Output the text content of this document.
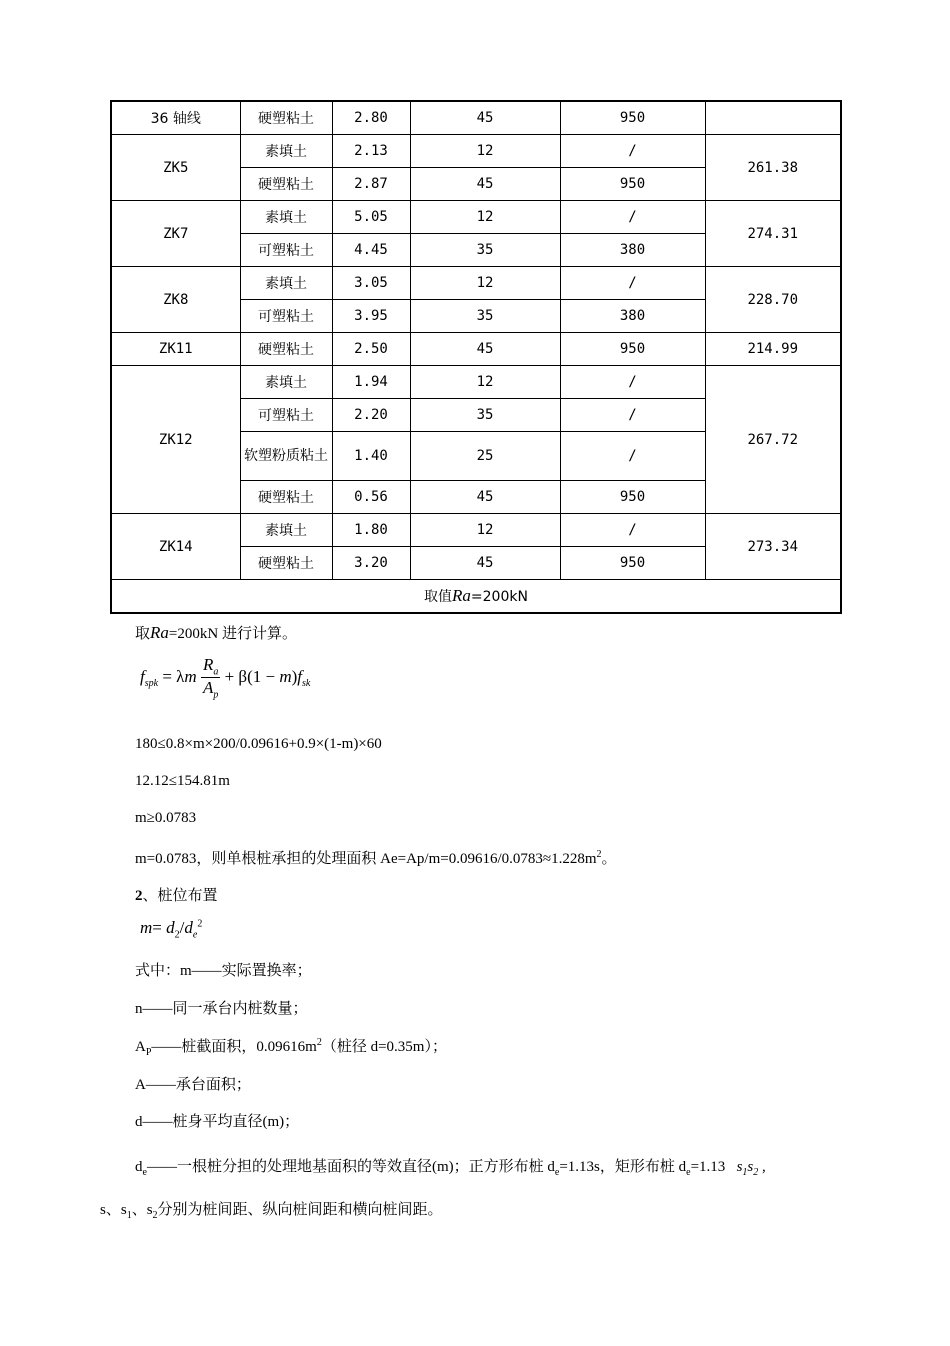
36 轴线	硬塑粘土	2.80	45	950	
ZK5	素填土	2.13	12	/	261.38
	硬塑粘土	2.87	45	950	
ZK7	素填土	5.05	12	/	274.31
	可塑粘土	4.45	35	380	
ZK8	素填土	3.05	12	/	228.70
	可塑粘土	3.95	35	380	
ZK11	硬塑粘土	2.50	45	950	214.99
ZK12	素填土	1.94	12	/	267.72
	可塑粘土	2.20	35	/	
	软塑粉质粘土	1.40	25	/	
	硬塑粘土	0.56	45	950	
ZK14	素填土	1.80	12	/	273.34
	硬塑粘土	3.20	45	950	
取值Ra=200kN					
取Ra=200kN 进行计算。
$f_{spk} = \lambda m \frac{R_a}{A_p} + \beta(1 - m)f_{sk}$
180≤0.8×m×200/0.09616+0.9×(1-m)×60
12.12≤154.81m
m≥0.0783
m=0.0783，则单根桩承担的处理面积 $Ae=Ap/m=0.09616/0.0783\approx 1.228m^2$。
2、桩位布置
$m= d_2/d_e^2$
式中：m——实际置换率；
n——同一承台内桩数量；
$A_P——$桩截面积，$0.09616m^2$（桩径 d=0.35m）；
A——承台面积；
d——桩身平均直径(m)；
$d_e——$一根桩分担的处理地基面积的等效直径(m)；正方形布桩 $d_e=1.13s$，矩形布桩 $d_e=1.13$ $s_1s_2$ ,
s、$s_1$、$s_2$分别为桩间距、纵向桩间距和横向桩间距。
